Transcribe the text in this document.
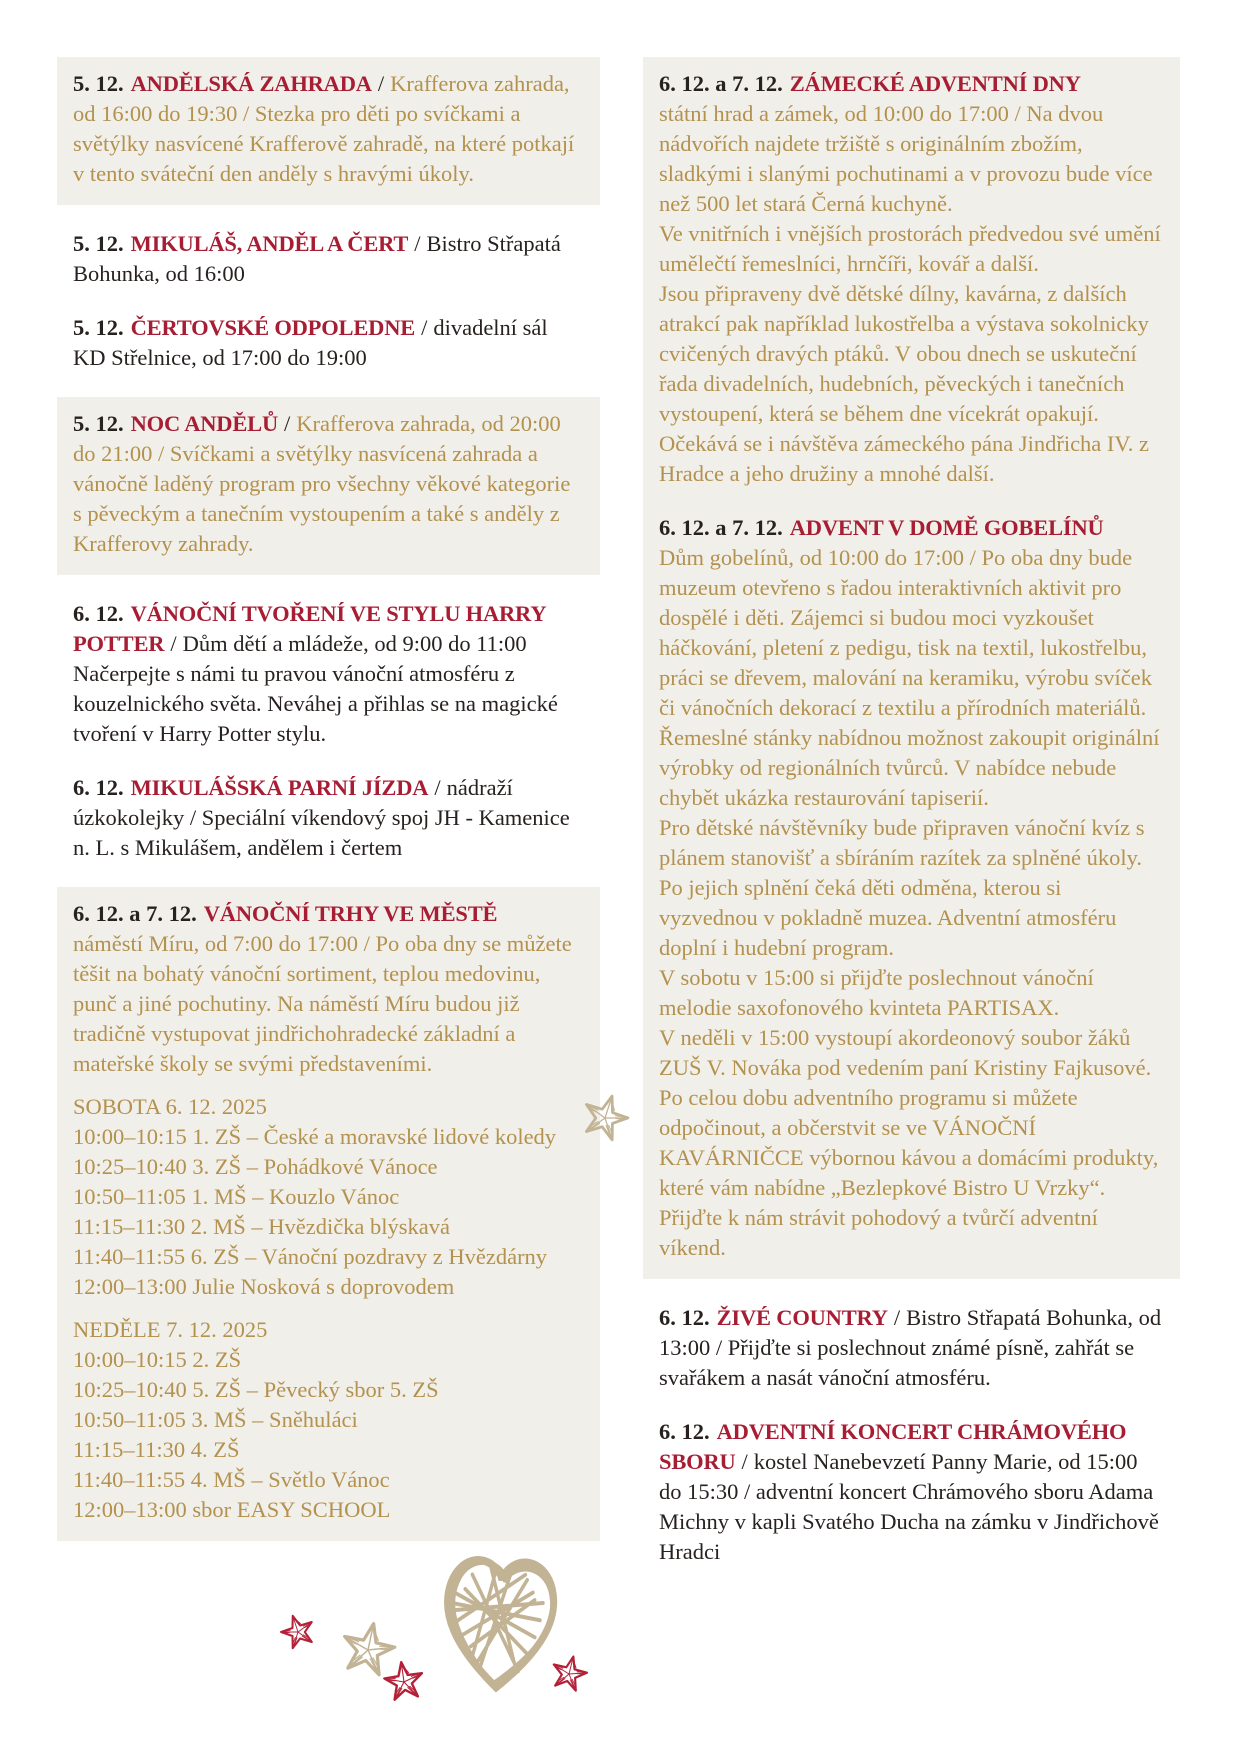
5. 12. ANDĚLSKÁ ZAHRADA / Krafferova zahrada, od 16:00 do 19:30 / Stezka pro děti po svíčkami a světýlky nasvícené Krafferově zahradě, na které potkají v tento sváteční den anděly s hravými úkoly.

5. 12. MIKULÁŠ, ANDĚL A ČERT / Bistro Střapatá Bohunka, od 16:00

5. 12. ČERTOVSKÉ ODPOLEDNE / divadelní sál KD Střelnice, od 17:00 do 19:00

5. 12. NOC ANDĚLŮ / Krafferova zahrada, od 20:00 do 21:00 / Svíčkami a světýlky nasvícená zahrada a vánočně laděný program pro všechny věkové kategorie s pěveckým a tanečním vystoupením a také s anděly z Krafferovy zahrady.

6. 12. VÁNOČNÍ TVOŘENÍ VE STYLU HARRY POTTER / Dům dětí a mládeže, od 9:00 do 11:00

Načerpejte s námi tu pravou vánoční atmosféru z kouzelnického světa. Neváhej a přihlas se na magické tvoření v Harry Potter stylu.

6. 12. MIKULÁŠSKÁ PARNÍ JÍZDA / nádraží úzkokolejky / Speciální víkendový spoj JH - Kamenice n. L. s Mikulášem, andělem i čertem

6. 12. a 7. 12. VÁNOČNÍ TRHY VE MĚSTĚ

náměstí Míru, od 7:00 do 17:00 / Po oba dny se můžete těšit na bohatý vánoční sortiment, teplou medovinu, punč a jiné pochutiny. Na náměstí Míru budou již tradičně vystupovat jindřichohradecké základní a mateřské školy se svými představeními.
SOBOTA 6. 12. 2025
10:00–10:15 1. ZŠ – České a moravské lidové koledy
10:25–10:40 3. ZŠ – Pohádkové Vánoce
10:50–11:05 1. MŠ – Kouzlo Vánoc
11:15–11:30 2. MŠ – Hvězdička blýskavá
11:40–11:55 6. ZŠ – Vánoční pozdravy z Hvězdárny
12:00–13:00 Julie Nosková s doprovodem
NEDĚLE 7. 12. 2025
10:00–10:15 2. ZŠ
10:25–10:40 5. ZŠ – Pěvecký sbor 5. ZŠ
10:50–11:05 3. MŠ – Sněhuláci
11:15–11:30 4. ZŠ
11:40–11:55 4. MŠ – Světlo Vánoc
12:00–13:00 sbor EASY SCHOOL

6. 12. a 7. 12. ZÁMECKÉ ADVENTNÍ DNY

státní hrad a zámek, od 10:00 do 17:00 / Na dvou nádvořích najdete tržiště s originálním zbožím, sladkými i slanými pochutinami a v provozu bude více než 500 let stará Černá kuchyně.
Ve vnitřních i vnějších prostorách předvedou své umění umělečtí řemeslníci, hrnčíři, kovář a další.
Jsou připraveny dvě dětské dílny, kavárna, z dalších atrakcí pak například lukostřelba a výstava sokolnicky cvičených dravých ptáků. V obou dnech se uskuteční řada divadelních, hudebních, pěveckých i tanečních vystoupení, která se během dne vícekrát opakují. Očekává se i návštěva zámeckého pána Jindřicha IV. z Hradce a jeho družiny a mnohé další.

6. 12. a 7. 12. ADVENT V DOMĚ GOBELÍNŮ

Dům gobelínů, od 10:00 do 17:00 / Po oba dny bude muzeum otevřeno s řadou interaktivních aktivit pro dospělé i děti. Zájemci si budou moci vyzkoušet háčkování, pletení z pedigu, tisk na textil, lukostřelbu, práci se dřevem, malování na keramiku, výrobu svíček či vánočních dekorací z textilu a přírodních materiálů. Řemeslné stánky nabídnou možnost zakoupit originální výrobky od regionálních tvůrců. V nabídce nebude chybět ukázka restaurování tapiserií.
Pro dětské návštěvníky bude připraven vánoční kvíz s plánem stanovišť a sbíráním razítek za splněné úkoly.
Po jejich splnění čeká děti odměna, kterou si vyzvednou v pokladně muzea. Adventní atmosféru doplní i hudební program.
V sobotu v 15:00 si přijďte poslechnout vánoční melodie saxofonového kvinteta PARTISAX.
V neděli v 15:00 vystoupí akordeonový soubor žáků ZUŠ V. Nováka pod vedením paní Kristiny Fajkusové. Po celou dobu adventního programu si můžete odpočinout, a občerstvit se ve VÁNOČNÍ KAVÁRNIČCE výbornou kávou a domácími produkty, které vám nabídne „Bezlepkové Bistro U Vrzky“. Přijďte k nám strávit pohodový a tvůrčí adventní víkend.

6. 12. ŽIVÉ COUNTRY / Bistro Střapatá Bohunka, od 13:00 / Přijďte si poslechnout známé písně, zahřát se svařákem a nasát vánoční atmosféru.

6. 12. ADVENTNÍ KONCERT CHRÁMOVÉHO SBORU / kostel Nanebevzetí Panny Marie, od 15:00 do 15:30 / adventní koncert Chrámového sboru Adama Michny v kapli Svatého Ducha na zámku v Jindřichově Hradci
